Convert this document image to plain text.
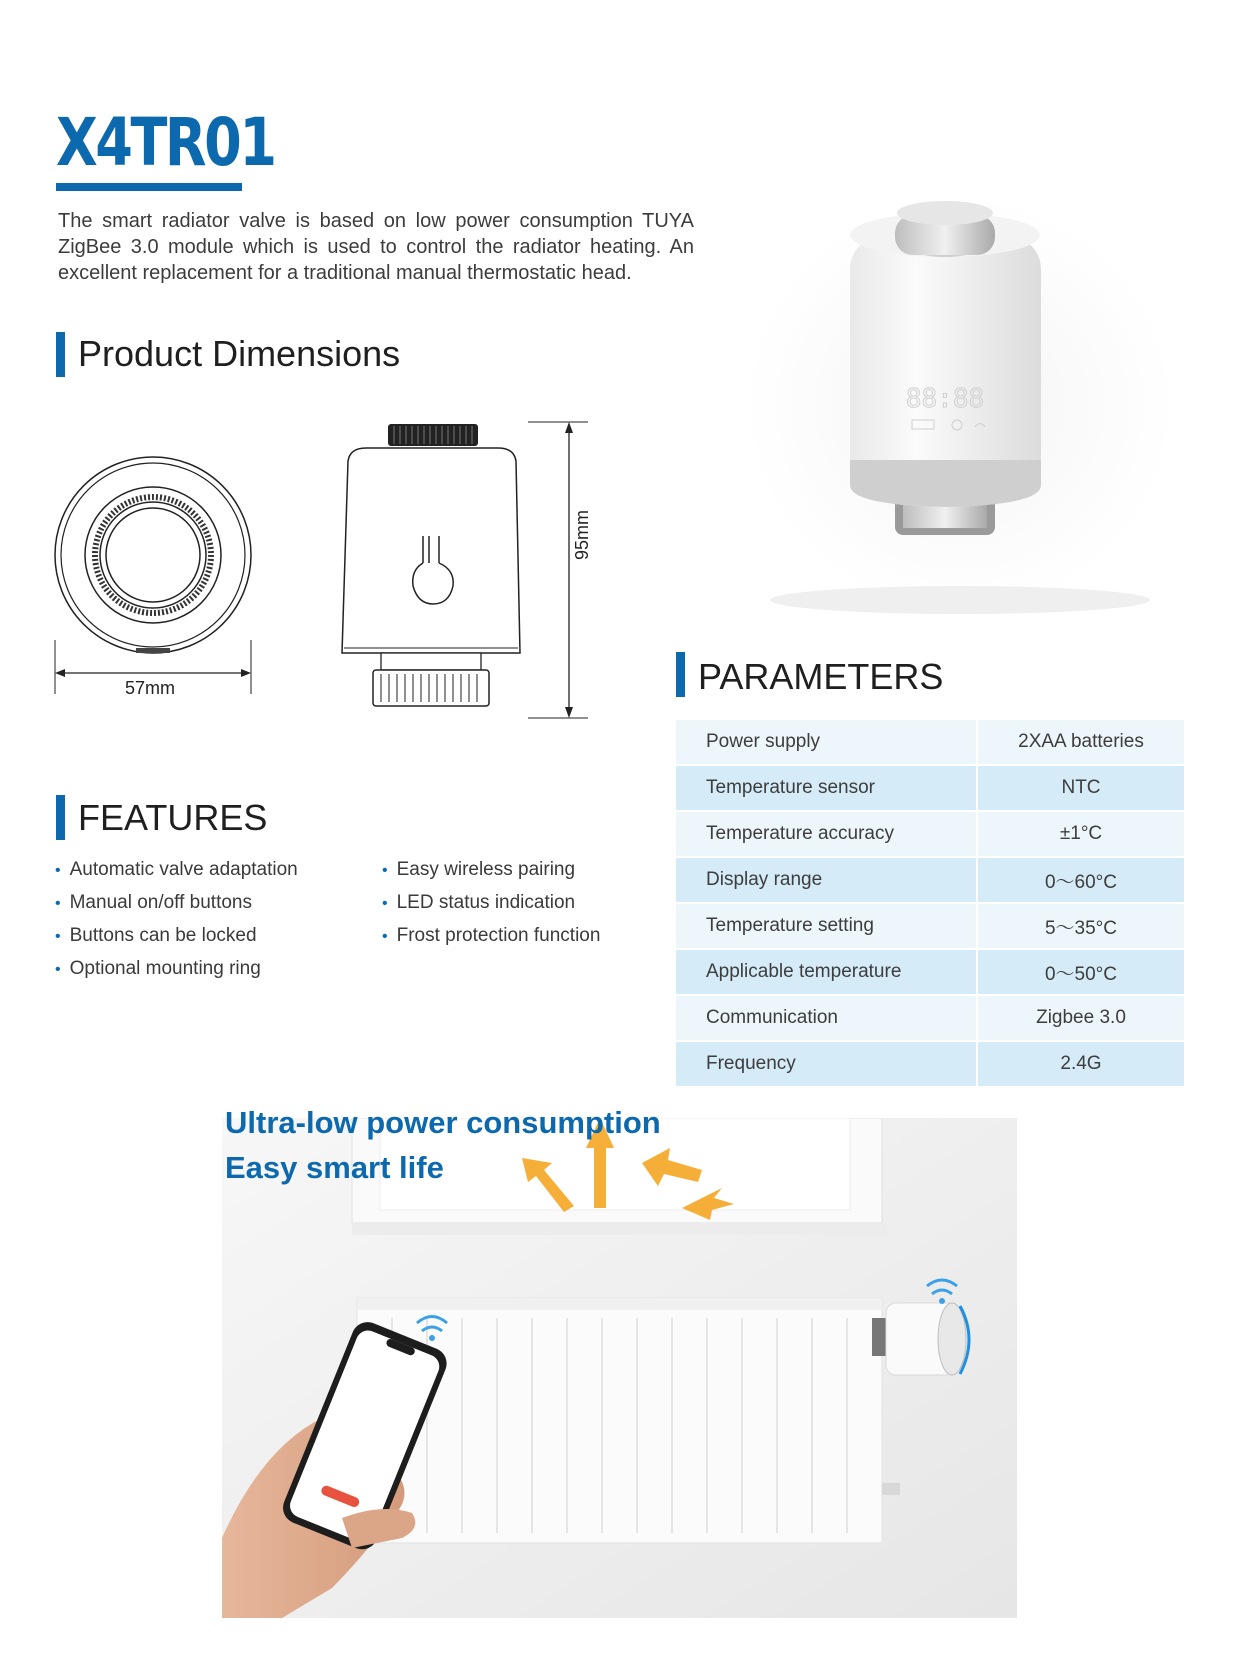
X4TR01
The smart radiator valve is based on low power consumption TUYA ZigBee 3.0 module which is used to control the radiator heating. An excellent replacement for a traditional manual thermostatic head.
Product Dimensions
57mm
95mm
88:88
FEATURES
• Automatic valve adaptation
• Manual on/off buttons
• Buttons can be locked
• Optional mounting ring
• Easy wireless pairing
• LED status indication
• Frost protection function
PARAMETERS
Power supply	2XAA batteries
Temperature sensor	NTC
Temperature accuracy	±1°C
Display range	0～60°C
Temperature setting	5～35°C
Applicable temperature	0～50°C
Communication	Zigbee 3.0
Frequency	2.4G
Ultra-low power consumption
Easy smart life
